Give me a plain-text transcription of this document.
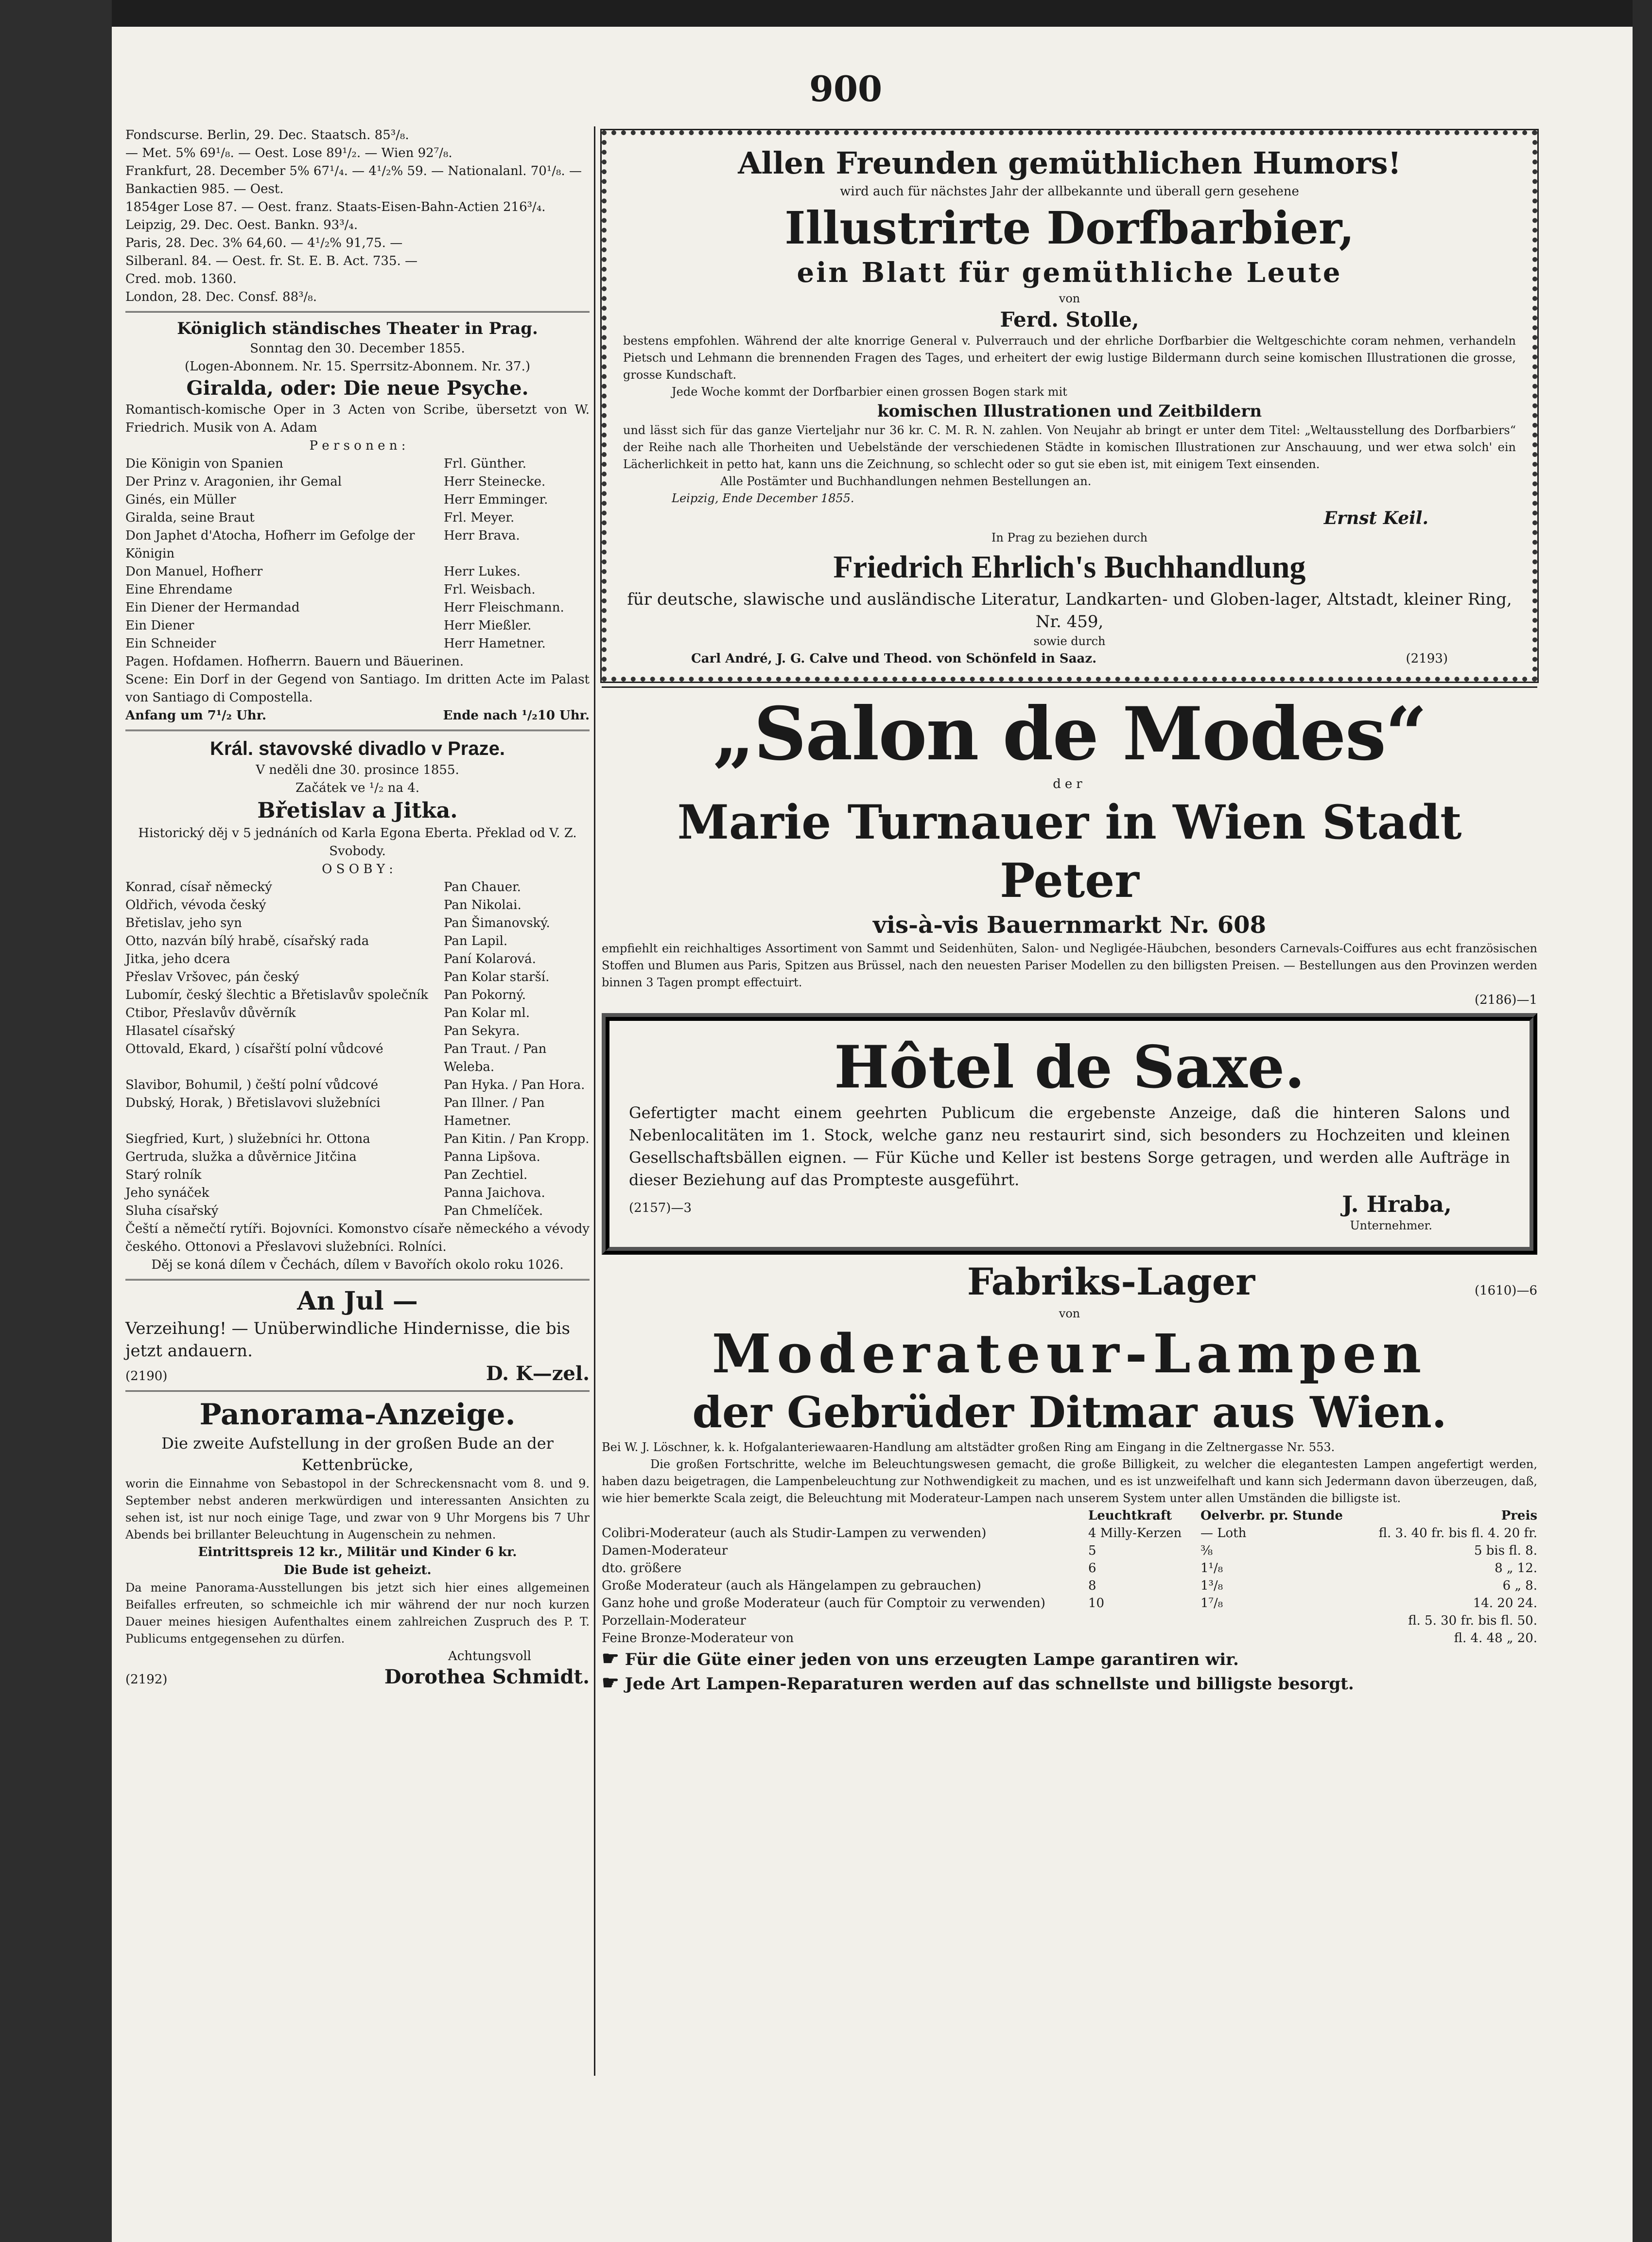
900

Fondscurse. Berlin, 29. Dec. Staatsch. 85³/₈.

— Met. 5% 69¹/₈. — Oest. Lose 89¹/₂. — Wien 92⁷/₈.

Frankfurt, 28. December 5% 67¹/₄. — 4¹/₂% 59. — Nationalanl. 70¹/₈. — Bankactien 985. — Oest.

1854ger Lose 87. — Oest. franz. Staats-Eisen-Bahn-Actien 216³/₄.

Leipzig, 29. Dec. Oest. Bankn. 93³/₄.

Paris, 28. Dec. 3% 64,60. — 4¹/₂% 91,75. —

Silberanl. 84. — Oest. fr. St. E. B. Act. 735. —

Cred. mob. 1360.

London, 28. Dec. Consf. 88³/₈.

Königlich ständisches Theater in Prag.

Sonntag den 30. December 1855.

(Logen-Abonnem. Nr. 15. Sperrsitz-Abonnem. Nr. 37.)

Giralda, oder: Die neue Psyche.

Romantisch-komische Oper in 3 Acten von Scribe, übersetzt von W. Friedrich. Musik von A. Adam

P e r s o n e n :

Die Königin von Spanien	Frl. Günther.
Der Prinz v. Aragonien, ihr Gemal	Herr Steinecke.
Ginés, ein Müller	Herr Emminger.
Giralda, seine Braut	Frl. Meyer.
Don Japhet d'Atocha, Hofherr im Gefolge der Königin	Herr Brava.
Don Manuel, Hofherr	Herr Lukes.
Eine Ehrendame	Frl. Weisbach.
Ein Diener der Hermandad	Herr Fleischmann.
Ein Diener	Herr Mießler.
Ein Schneider	Herr Hametner.

Pagen. Hofdamen. Hofherrn. Bauern und Bäuerinen.

Scene: Ein Dorf in der Gegend von Santiago. Im dritten Acte im Palast von Santiago di Compostella.

Anfang um 7¹/₂ Uhr.	Ende nach ¹/₂10 Uhr.

Král. stavovské divadlo v Praze.

V neděli dne 30. prosince 1855.

Začátek ve ¹/₂ na 4.

Břetislav a Jitka.

Historický děj v 5 jednáních od Karla Egona Eberta. Překlad od V. Z. Svobody.

O S O B Y :

Konrad, císař německý	Pan Chauer.
Oldřich, vévoda český	Pan Nikolai.
Břetislav, jeho syn	Pan Šimanovský.
Otto, nazván bílý hrabě, císařský rada	Pan Lapil.
Jitka, jeho dcera	Paní Kolarová.
Přeslav Vršovec, pán český	Pan Kolar starší.
Lubomír, český šlechtic a Břetislavův společník	Pan Pokorný.
Ctibor, Přeslavův důvěrník	Pan Kolar ml.
Hlasatel císařský	Pan Sekyra.
Ottovald, Ekard, ) císařští polní vůdcové	Pan Traut. / Pan Weleba.
Slavibor, Bohumil, ) čeští polní vůdcové	Pan Hyka. / Pan Hora.
Dubský, Horak, ) Břetislavovi služebníci	Pan Illner. / Pan Hametner.
Siegfried, Kurt, ) služebníci hr. Ottona	Pan Kitin. / Pan Kropp.
Gertruda, služka a důvěrnice Jitčina	Panna Lipšova.
Starý rolník	Pan Zechtiel.
Jeho synáček	Panna Jaichova.
Sluha císařský	Pan Chmelíček.

Čeští a němečtí rytíři. Bojovníci. Komonstvo císaře německého a vévody českého. Ottonovi a Přeslavovi služebníci. Rolníci.

Děj se koná dílem v Čechách, dílem v Bavořích okolo roku 1026.

An Jul —

Verzeihung! — Unüberwindliche Hindernisse, die bis jetzt andauern.

(2190)	D. K—zel.

Panorama-Anzeige.

Die zweite Aufstellung in der großen Bude an der Kettenbrücke,

worin die Einnahme von Sebastopol in der Schreckensnacht vom 8. und 9. September nebst anderen merkwürdigen und interessanten Ansichten zu sehen ist, ist nur noch einige Tage, und zwar von 9 Uhr Morgens bis 7 Uhr Abends bei brillanter Beleuchtung in Augenschein zu nehmen.

Eintrittspreis 12 kr., Militär und Kinder 6 kr.

Die Bude ist geheizt.

Da meine Panorama-Ausstellungen bis jetzt sich hier eines allgemeinen Beifalles erfreuten, so schmeichle ich mir während der nur noch kurzen Dauer meines hiesigen Aufenthaltes einem zahlreichen Zuspruch des P. T. Publicums entgegensehen zu dürfen.

Achtungsvoll

(2192)	Dorothea Schmidt.

Allen Freunden gemüthlichen Humors!

wird auch für nächstes Jahr der allbekannte und überall gern gesehene

Illustrirte Dorfbarbier,

ein Blatt für gemüthliche Leute

von

Ferd. Stolle,

bestens empfohlen. Während der alte knorrige General v. Pulverrauch und der ehrliche Dorfbarbier die Weltgeschichte coram nehmen, verhandeln Pietsch und Lehmann die brennenden Fragen des Tages, und erheitert der ewig lustige Bildermann durch seine komischen Illustrationen die grosse, grosse Kundschaft.

Jede Woche kommt der Dorfbarbier einen grossen Bogen stark mit

komischen Illustrationen und Zeitbildern

und lässt sich für das ganze Vierteljahr nur 36 kr. C. M. R. N. zahlen. Von Neujahr ab bringt er unter dem Titel: „Weltausstellung des Dorfbarbiers“ der Reihe nach alle Thorheiten und Uebelstände der verschiedenen Städte in komischen Illustrationen zur Anschauung, und wer etwa solch' ein Lächerlichkeit in petto hat, kann uns die Zeichnung, so schlecht oder so gut sie eben ist, mit einigem Text einsenden.

Alle Postämter und Buchhandlungen nehmen Bestellungen an.

Leipzig, Ende December 1855.

Ernst Keil.

In Prag zu beziehen durch

Friedrich Ehrlich's Buchhandlung

für deutsche, slawische und ausländische Literatur, Landkarten- und Globen-lager, Altstadt, kleiner Ring, Nr. 459,

sowie durch

Carl André, J. G. Calve und Theod. von Schönfeld in Saaz.	(2193)

„Salon de Modes“

der

Marie Turnauer in Wien Stadt Peter

vis-à-vis Bauernmarkt Nr. 608

empfiehlt ein reichhaltiges Assortiment von Sammt und Seidenhüten, Salon- und Negligée-Häubchen, besonders Carnevals-Coiffures aus echt französischen Stoffen und Blumen aus Paris, Spitzen aus Brüssel, nach den neuesten Pariser Modellen zu den billigsten Preisen. — Bestellungen aus den Provinzen werden binnen 3 Tagen prompt effectuirt.

(2186)—1

Hôtel de Saxe.

Gefertigter macht einem geehrten Publicum die ergebenste Anzeige, daß die hinteren Salons und Nebenlocalitäten im 1. Stock, welche ganz neu restaurirt sind, sich besonders zu Hochzeiten und kleinen Gesellschaftsbällen eignen. — Für Küche und Keller ist bestens Sorge getragen, und werden alle Aufträge in dieser Beziehung auf das Prompteste ausgeführt.

(2157)—3	J. Hraba,

Unternehmer.

Fabriks-Lager	(1610)—6

von

Moderateur-Lampen

der Gebrüder Ditmar aus Wien.

Bei W. J. Löschner, k. k. Hofgalanteriewaaren-Handlung am altstädter großen Ring am Eingang in die Zeltnergasse Nr. 553.

Die großen Fortschritte, welche im Beleuchtungswesen gemacht, die große Billigkeit, zu welcher die elegantesten Lampen angefertigt werden, haben dazu beigetragen, die Lampenbeleuchtung zur Nothwendigkeit zu machen, und es ist unzweifelhaft und kann sich Jedermann davon überzeugen, daß, wie hier bemerkte Scala zeigt, die Beleuchtung mit Moderateur-Lampen nach unserem System unter allen Umständen die billigste ist.

	Leuchtkraft	Oelverbr. pr. Stunde	Preis
Colibri-Moderateur (auch als Studir-Lampen zu verwenden)	4 Milly-Kerzen	— Loth	fl. 3. 40 fr. bis fl. 4. 20 fr.
Damen-Moderateur	5	⅜	5 bis fl. 8.
dto. größere	6	1¹/₈	8 „ 12.
Große Moderateur (auch als Hängelampen zu gebrauchen)	8	1³/₈	6 „ 8.
Ganz hohe und große Moderateur (auch für Comptoir zu verwenden)	10	1⁷/₈	14. 20 24.
Porzellain-Moderateur			fl. 5. 30 fr. bis fl. 50.
Feine Bronze-Moderateur von			fl. 4. 48 „ 20.

☛ Für die Güte einer jeden von uns erzeugten Lampe garantiren wir.

☛ Jede Art Lampen-Reparaturen werden auf das schnellste und billigste besorgt.
